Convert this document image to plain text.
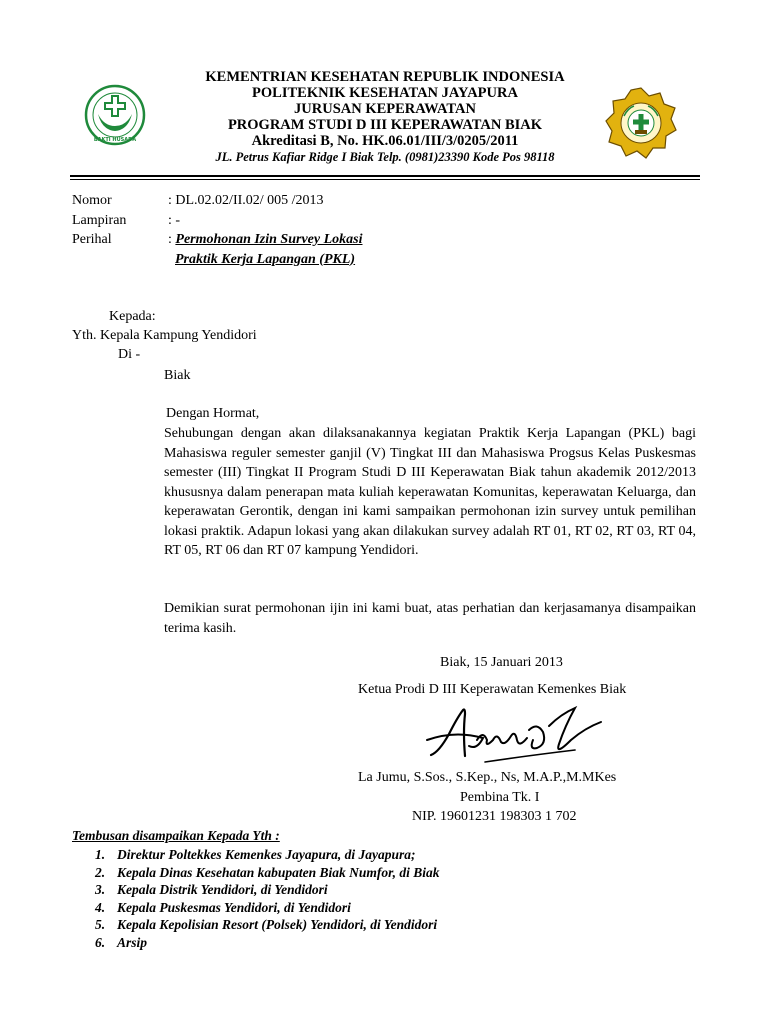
BAKTI HUSADA
KEMENTRIAN KESEHATAN REPUBLIK INDONESIA
POLITEKNIK KESEHATAN JAYAPURA
JURUSAN KEPERAWATAN
PROGRAM STUDI D III KEPERAWATAN BIAK
Akreditasi B, No. HK.06.01/III/3/0205/2011
JL. Petrus Kafiar Ridge I Biak Telp. (0981)23390 Kode Pos 98118
Nomor	: DL.02.02/II.02/ 005 /2013
Lampiran	: -
Perihal	: Permohonan Izin Survey Lokasi
Praktik Kerja Lapangan (PKL)
Kepada:
Yth. Kepala Kampung Yendidori
Di -
Biak
Dengan Hormat,
Sehubungan dengan akan dilaksanakannya kegiatan Praktik Kerja Lapangan (PKL) bagi Mahasiswa reguler semester ganjil (V) Tingkat III dan Mahasiswa Progsus Kelas Puskesmas semester (III) Tingkat II Program Studi D III Keperawatan Biak tahun akademik 2012/2013 khususnya dalam penerapan mata kuliah keperawatan Komunitas, keperawatan Keluarga, dan keperawatan Gerontik, dengan ini kami sampaikan permohonan izin survey untuk pemilihan lokasi praktik. Adapun lokasi yang akan dilakukan survey adalah RT 01, RT 02, RT 03, RT 04, RT 05, RT 06 dan RT 07 kampung Yendidori.
Demikian surat permohonan ijin ini kami buat, atas perhatian dan kerjasamanya disampaikan terima kasih.
Biak, 15 Januari 2013
Ketua Prodi D III Keperawatan Kemenkes Biak
La Jumu, S.Sos., S.Kep., Ns, M.A.P.,M.MKes
Pembina Tk. I
NIP. 19601231 198303 1 702
Tembusan disampaikan Kepada Yth :
1. Direktur Poltekkes Kemenkes Jayapura, di Jayapura;
2. Kepala Dinas Kesehatan kabupaten Biak Numfor, di Biak
3. Kepala Distrik Yendidori, di Yendidori
4. Kepala Puskesmas Yendidori, di Yendidori
5. Kepala Kepolisian Resort (Polsek) Yendidori, di Yendidori
6. Arsip
